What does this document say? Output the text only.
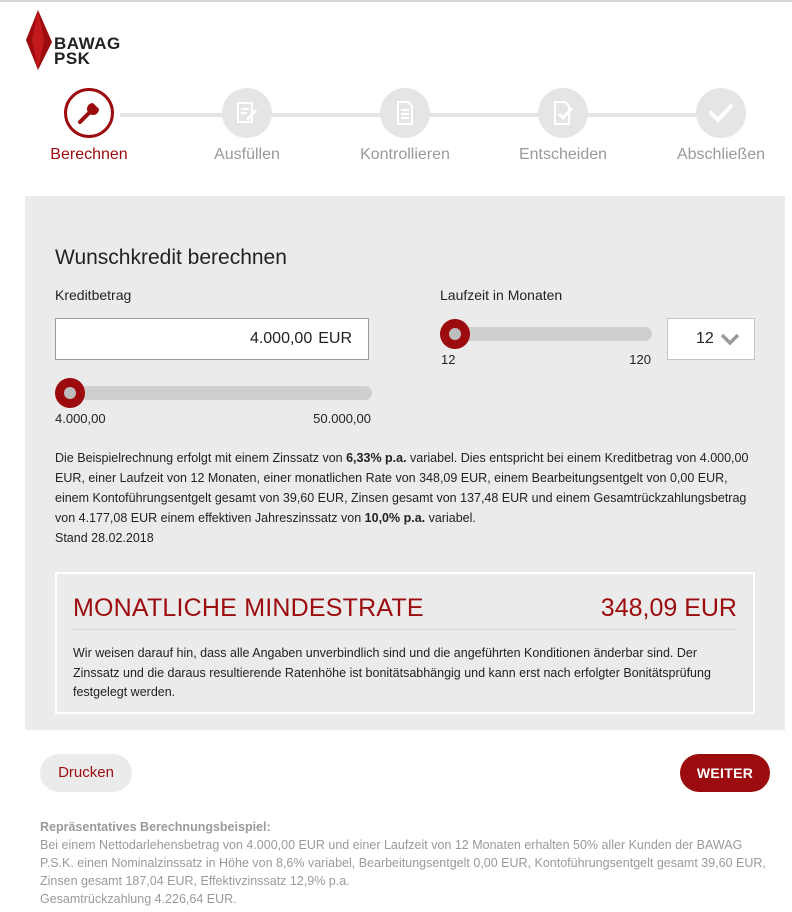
BAWAG
PSK
Berechnen	Ausfüllen	Kontrollieren	Entscheiden	Abschließen
Wunschkredit berechnen
Kreditbetrag
4.000,00 EUR
4.000,00	50.000,00
Laufzeit in Monaten
12	120
12
Die Beispielrechnung erfolgt mit einem Zinssatz von 6,33% p.a. variabel. Dies entspricht bei einem Kreditbetrag von 4.000,00 EUR, einer Laufzeit von 12 Monaten, einer monatlichen Rate von 348,09 EUR, einem Bearbeitungsentgelt von 0,00 EUR, einem Kontoführungsentgelt gesamt von 39,60 EUR, Zinsen gesamt von 137,48 EUR und einem Gesamtrückzahlungsbetrag von 4.177,08 EUR einem effektiven Jahreszinssatz von 10,0% p.a. variabel.
Stand 28.02.2018
MONATLICHE MINDESTRATE	348,09 EUR
Wir weisen darauf hin, dass alle Angaben unverbindlich sind und die angeführten Konditionen änderbar sind. Der Zinssatz und die daraus resultierende Ratenhöhe ist bonitätsabhängig und kann erst nach erfolgter Bonitätsprüfung festgelegt werden.
Drucken	WEITER
Repräsentatives Berechnungsbeispiel:
Bei einem Nettodarlehensbetrag von 4.000,00 EUR und einer Laufzeit von 12 Monaten erhalten 50% aller Kunden der BAWAG P.S.K. einen Nominalzinssatz in Höhe von 8,6% variabel, Bearbeitungsentgelt 0,00 EUR, Kontoführungsentgelt gesamt 39,60 EUR, Zinsen gesamt 187,04 EUR, Effektivzinssatz 12,9% p.a.
Gesamtrückzahlung 4.226,64 EUR.
